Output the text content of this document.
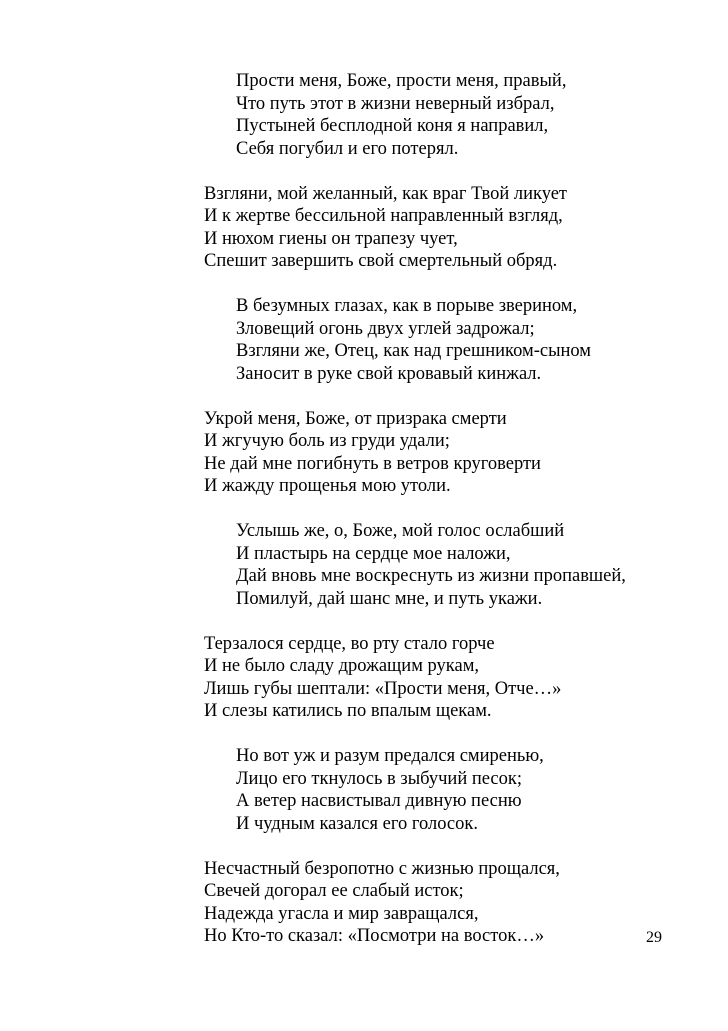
Прости меня, Боже, прости меня, правый,
Что путь этот в жизни неверный избрал,
Пустыней бесплодной коня я направил,
Себя погубил и его потерял.
Взгляни, мой желанный, как враг Твой ликует
И к жертве бессильной направленный взгляд,
И нюхом гиены он трапезу чует,
Спешит завершить свой смертельный обряд.
В безумных глазах, как в порыве зверином,
Зловещий огонь двух углей задрожал;
Взгляни же, Отец, как над грешником-сыном
Заносит в руке свой кровавый кинжал.
Укрой меня, Боже, от призрака смерти
И жгучую боль из груди удали;
Не дай мне погибнуть в ветров круговерти
И жажду прощенья мою утоли.
Услышь же, о, Боже, мой голос ослабший
И пластырь на сердце мое наложи,
Дай вновь мне воскреснуть из жизни пропавшей,
Помилуй, дай шанс мне, и путь укажи.
Терзалося сердце, во рту стало горче
И не было сладу дрожащим рукам,
Лишь губы шептали: «Прости меня, Отче…»
И слезы катились по впалым щекам.
Но вот уж и разум предался смиренью,
Лицо его ткнулось в зыбучий песок;
А ветер насвистывал дивную песню
И чудным казался его голосок.
Несчастный безропотно с жизнью прощался,
Свечей догорал ее слабый исток;
Надежда угасла и мир завращался,
Но Кто-то сказал: «Посмотри на восток…»	29
